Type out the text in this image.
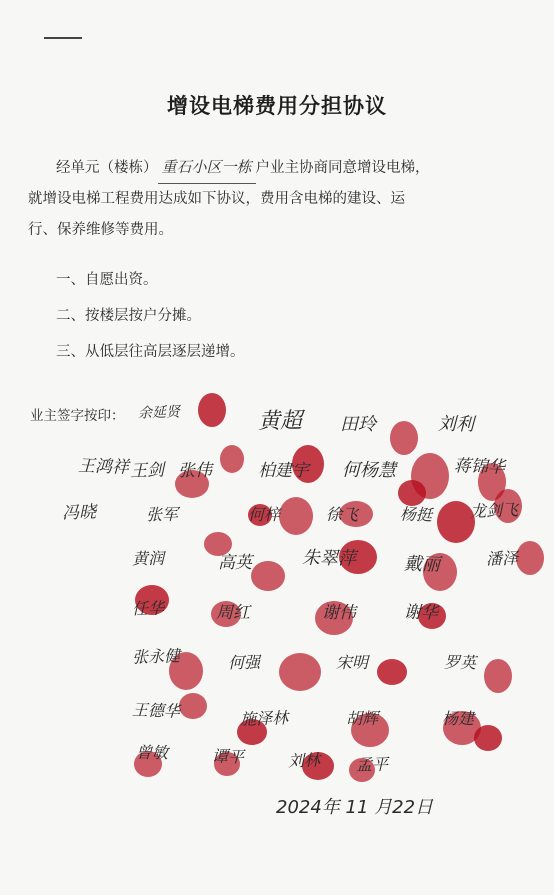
增设电梯费用分担协议
经单元（楼栋） 重石小区一栋 户业主协商同意增设电梯，
就增设电梯工程费用达成如下协议，费用含电梯的建设、运
行、保养维修等费用。
一、自愿出资。
二、按楼层按户分摊。
三、从低层往高层逐层递增。
业主签字按印： 余延贤	黄超 田玲	刘利
王鸿祥 王剑 张伟	柏建宇 何杨慧	蒋锦华
冯晓	张军	何梓	徐飞	杨挺 龙剑飞
黄润	高英	朱翠萍	戴丽	潘泽
任华	周红	谢伟	谢华
张永健	何强	宋明	罗英
王德华	施泽林	胡辉	杨建
曾敏	谭平	刘林 孟平
2024年 11 月22日
